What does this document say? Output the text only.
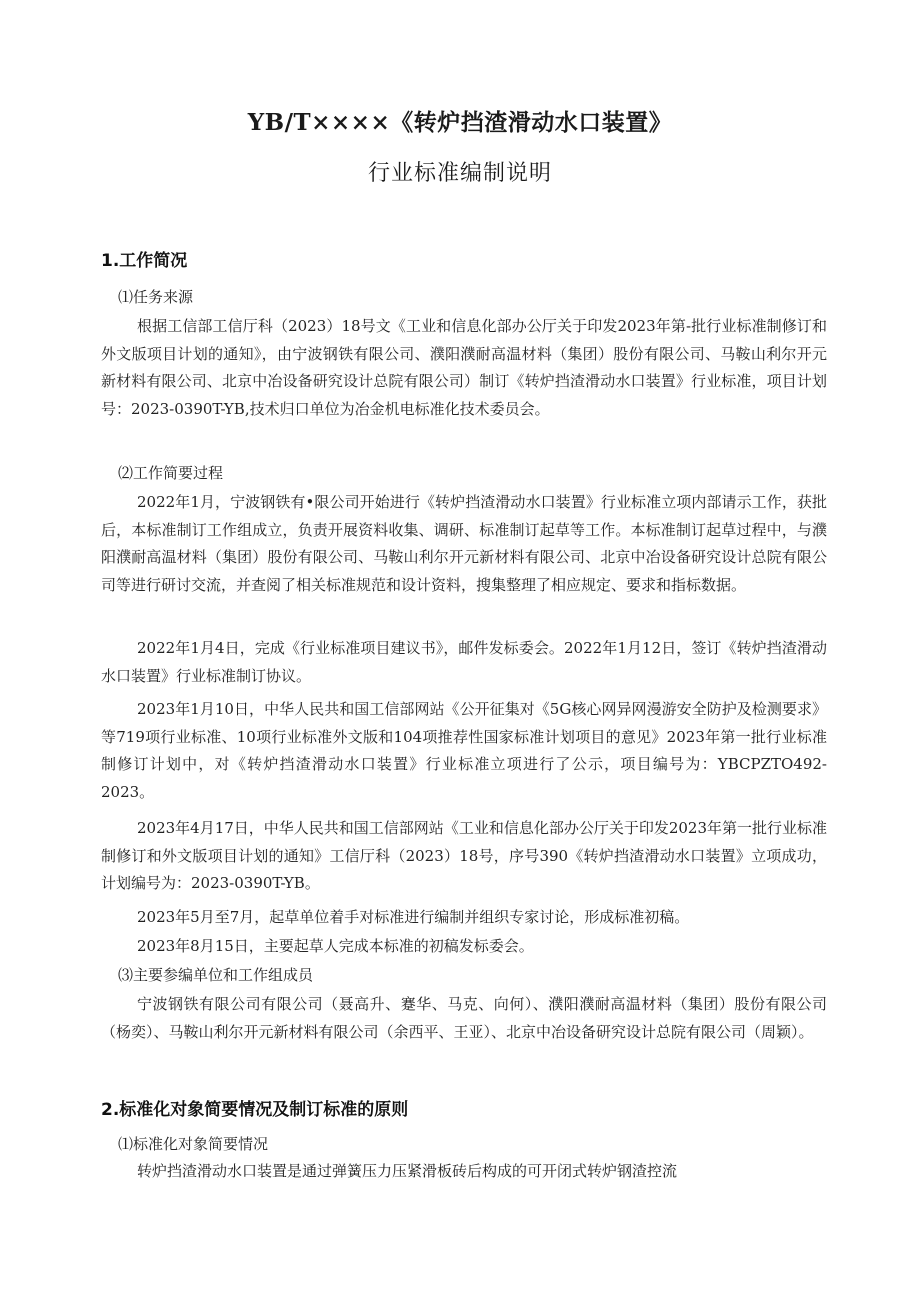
YB/T××××《转炉挡渣滑动水口装置》
行业标准编制说明
1.工作简况
⑴任务来源
根据工信部工信厅科（2023）18号文《工业和信息化部办公厅关于印发2023年第-批行业标准制修订和外文版项目计划的通知》，由宁波钢铁有限公司、濮阳濮耐高温材料（集团）股份有限公司、马鞍山利尔开元新材料有限公司、北京中冶设备研究设计总院有限公司）制订《转炉挡渣滑动水口装置》行业标准，项目计划号：2023-0390T-YB,技术归口单位为冶金机电标准化技术委员会。
⑵工作简要过程
2022年1月，宁波钢铁有•限公司开始进行《转炉挡渣滑动水口装置》行业标准立项内部请示工作，获批后，本标准制订工作组成立，负责开展资料收集、调研、标准制订起草等工作。本标准制订起草过程中，与濮阳濮耐高温材料（集团）股份有限公司、马鞍山利尔开元新材料有限公司、北京中冶设备研究设计总院有限公司等进行研讨交流，并查阅了相关标准规范和设计资料，搜集整理了相应规定、要求和指标数据。
2022年1月4日，完成《行业标准项目建议书》，邮件发标委会。2022年1月12日，签订《转炉挡渣滑动水口装置》行业标准制订协议。
2023年1月10日，中华人民共和国工信部网站《公开征集对《5G核心网异网漫游安全防护及检测要求》等719项行业标准、10项行业标准外文版和104项推荐性国家标准计划项目的意见》2023年第一批行业标准制修订计划中，对《转炉挡渣滑动水口装置》行业标准立项进行了公示，项目编号为：YBCPZTO492-2023。
2023年4月17日，中华人民共和国工信部网站《工业和信息化部办公厅关于印发2023年第一批行业标准制修订和外文版项目计划的通知》工信厅科（2023）18号，序号390《转炉挡渣滑动水口装置》立项成功，计划编号为：2023-0390T-YB。
2023年5月至7月，起草单位着手对标准进行编制并组织专家讨论，形成标准初稿。
2023年8月15日，主要起草人完成本标准的初稿发标委会。
⑶主要参编单位和工作组成员
宁波钢铁有限公司有限公司（聂高升、蹇华、马克、向何）、濮阳濮耐高温材料（集团）股份有限公司（杨奕）、马鞍山利尔开元新材料有限公司（余西平、王亚）、北京中冶设备研究设计总院有限公司（周颖）。
2.标准化对象简要情况及制订标准的原则
⑴标准化对象简要情况
转炉挡渣滑动水口装置是通过弹簧压力压紧滑板砖后构成的可开闭式转炉钢渣控流
